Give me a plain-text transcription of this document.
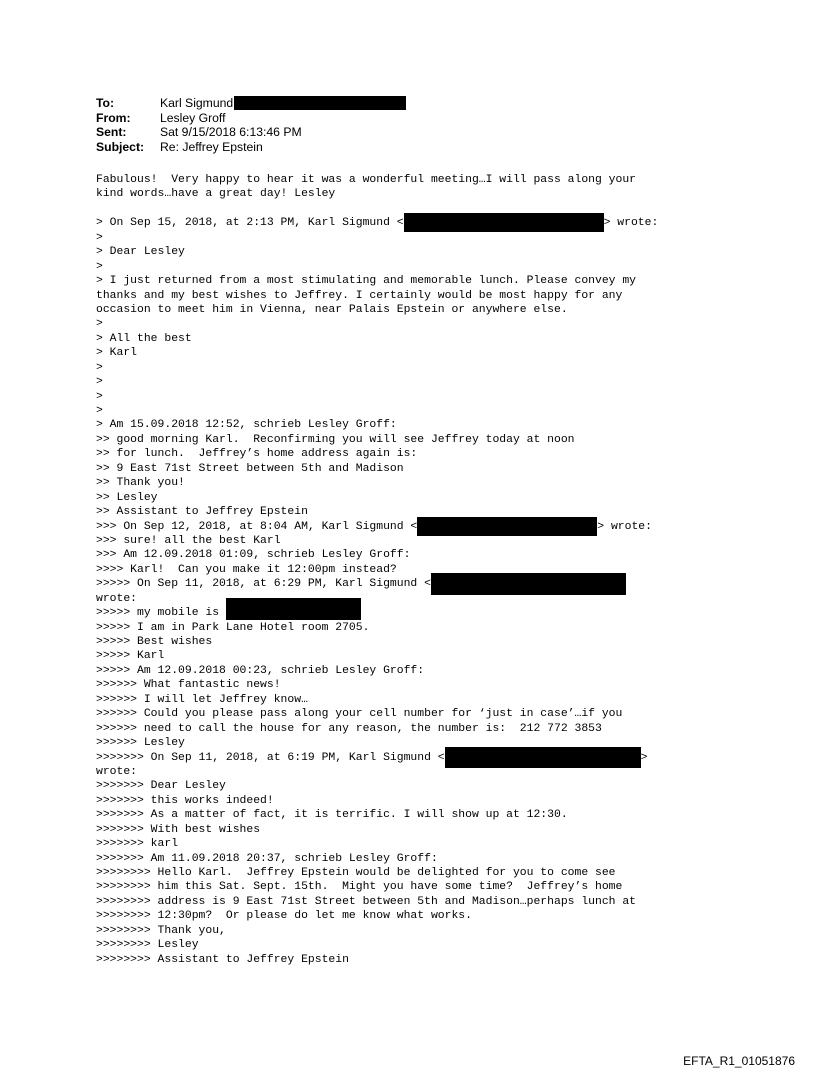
To:	Karl Sigmund
From:	Lesley Groff
Sent:	Sat 9/15/2018 6:13:46 PM
Subject:	Re: Jeffrey Epstein
Fabulous!  Very happy to hear it was a wonderful meeting…I will pass along your
kind words…have a great day! Lesley
> On Sep 15, 2018, at 2:13 PM, Karl Sigmund <	> wrote:
>
> Dear Lesley
>
> I just returned from a most stimulating and memorable lunch. Please convey my
thanks and my best wishes to Jeffrey. I certainly would be most happy for any
occasion to meet him in Vienna, near Palais Epstein or anywhere else.
>
> All the best
> Karl
>
>
>
>
> Am 15.09.2018 12:52, schrieb Lesley Groff:
>> good morning Karl.  Reconfirming you will see Jeffrey today at noon
>> for lunch.  Jeffrey’s home address again is:
>> 9 East 71st Street between 5th and Madison
>> Thank you!
>> Lesley
>> Assistant to Jeffrey Epstein
>>> On Sep 12, 2018, at 8:04 AM, Karl Sigmund <	> wrote:
>>> sure! all the best Karl
>>> Am 12.09.2018 01:09, schrieb Lesley Groff:
>>>> Karl!  Can you make it 12:00pm instead?
>>>>> On Sep 11, 2018, at 6:29 PM, Karl Sigmund <
wrote:
>>>>> my mobile is
>>>>> I am in Park Lane Hotel room 2705.
>>>>> Best wishes
>>>>> Karl
>>>>> Am 12.09.2018 00:23, schrieb Lesley Groff:
>>>>>> What fantastic news!
>>>>>> I will let Jeffrey know…
>>>>>> Could you please pass along your cell number for ‘just in case’…if you
>>>>>> need to call the house for any reason, the number is:  212 772 3853
>>>>>> Lesley
>>>>>>> On Sep 11, 2018, at 6:19 PM, Karl Sigmund <	>
wrote:
>>>>>>> Dear Lesley
>>>>>>> this works indeed!
>>>>>>> As a matter of fact, it is terrific. I will show up at 12:30.
>>>>>>> With best wishes
>>>>>>> karl
>>>>>>> Am 11.09.2018 20:37, schrieb Lesley Groff:
>>>>>>>> Hello Karl.  Jeffrey Epstein would be delighted for you to come see
>>>>>>>> him this Sat. Sept. 15th.  Might you have some time?  Jeffrey’s home
>>>>>>>> address is 9 East 71st Street between 5th and Madison…perhaps lunch at
>>>>>>>> 12:30pm?  Or please do let me know what works.
>>>>>>>> Thank you,
>>>>>>>> Lesley
>>>>>>>> Assistant to Jeffrey Epstein
EFTA_R1_01051876
